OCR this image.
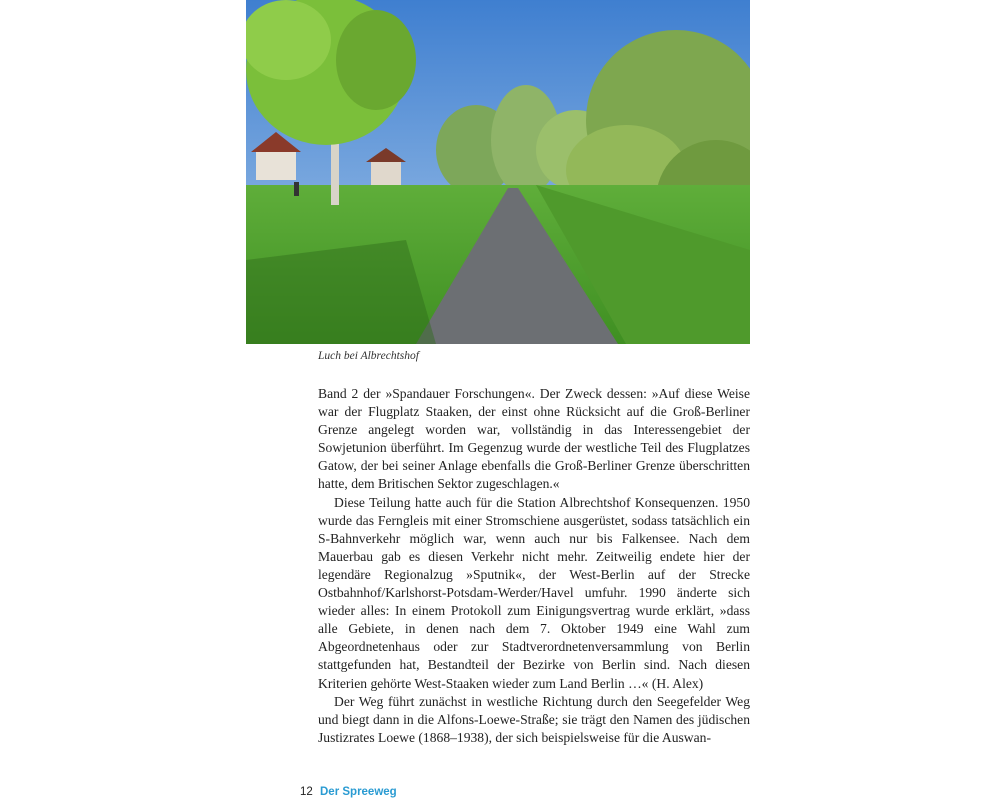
Luch bei Albrechtshof

Band 2 der »Spandauer Forschungen«. Der Zweck dessen: »Auf diese Weise war der Flugplatz Staaken, der einst ohne Rücksicht auf die Groß-Berliner Grenze angelegt worden war, vollständig in das Interessengebiet der Sowjetunion überführt. Im Gegenzug wurde der westliche Teil des Flugplatzes Gatow, der bei seiner Anlage ebenfalls die Groß-Berliner Grenze überschritten hatte, dem Britischen Sektor zugeschlagen.«

Diese Teilung hatte auch für die Station Albrechtshof Konsequenzen. 1950 wurde das Ferngleis mit einer Stromschiene ausgerüstet, sodass tatsächlich ein S-Bahnverkehr möglich war, wenn auch nur bis Falkensee. Nach dem Mauerbau gab es diesen Verkehr nicht mehr. Zeitweilig endete hier der legendäre Regionalzug »Sputnik«, der West-Berlin auf der Strecke Ostbahnhof/Karlshorst-Potsdam-Werder/Havel umfuhr. 1990 änderte sich wieder alles: In einem Protokoll zum Einigungsvertrag wurde erklärt, »dass alle Gebiete, in denen nach dem 7. Oktober 1949 eine Wahl zum Abgeordnetenhaus oder zur Stadtverordnetenversammlung von Berlin stattgefunden hat, Bestandteil der Bezirke von Berlin sind. Nach diesen Kriterien gehörte West-Staaken wieder zum Land Berlin …« (H. Alex)

Der Weg führt zunächst in westliche Richtung durch den Seegefelder Weg und biegt dann in die Alfons-Loewe-Straße; sie trägt den Namen des jüdischen Justizrates Loewe (1868–1938), der sich beispielsweise für die Auswan-

12 Der Spreeweg
